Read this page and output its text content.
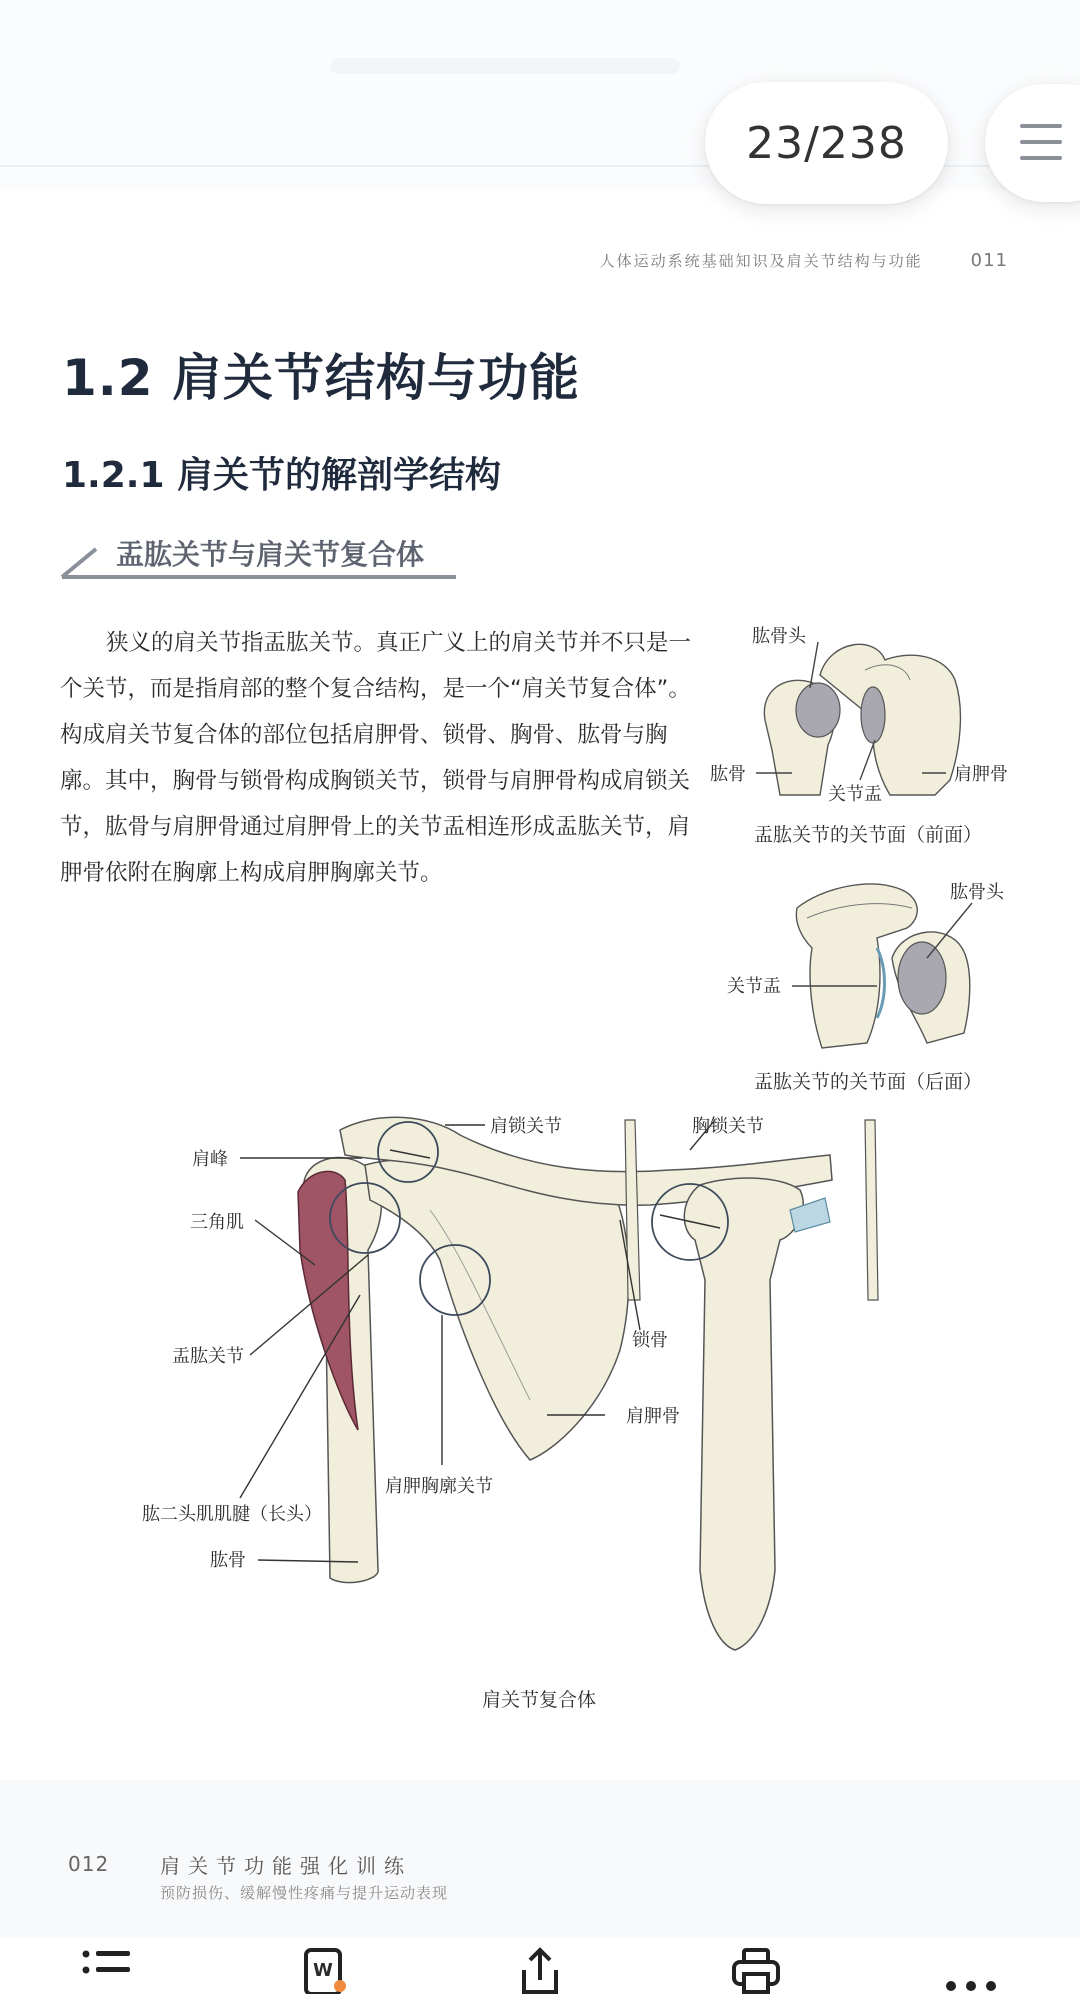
23/238
人体运动系统基础知识及肩关节结构与功能	011
1.2 肩关节结构与功能
1.2.1 肩关节的解剖学结构
盂肱关节与肩关节复合体
狭义的肩关节指盂肱关节。真正广义上的肩关节并不只是一个关节，而是指肩部的整个复合结构，是一个“肩关节复合体”。构成肩关节复合体的部位包括肩胛骨、锁骨、胸骨、肱骨与胸廓。其中，胸骨与锁骨构成胸锁关节，锁骨与肩胛骨构成肩锁关节，肱骨与肩胛骨通过肩胛骨上的关节盂相连形成盂肱关节，肩胛骨依附在胸廓上构成肩胛胸廓关节。
肱骨头
肱骨
关节盂
肩胛骨
盂肱关节的关节面（前面）
肱骨头
关节盂
盂肱关节的关节面（后面）
肩锁关节	胸锁关节
肩峰
三角肌
盂肱关节
锁骨
肩胛骨
肩胛胸廓关节
肱二头肌肌腱（长头）
肱骨
肩关节复合体
012	肩关节功能强化训练
预防损伤、缓解慢性疼痛与提升运动表现
W
